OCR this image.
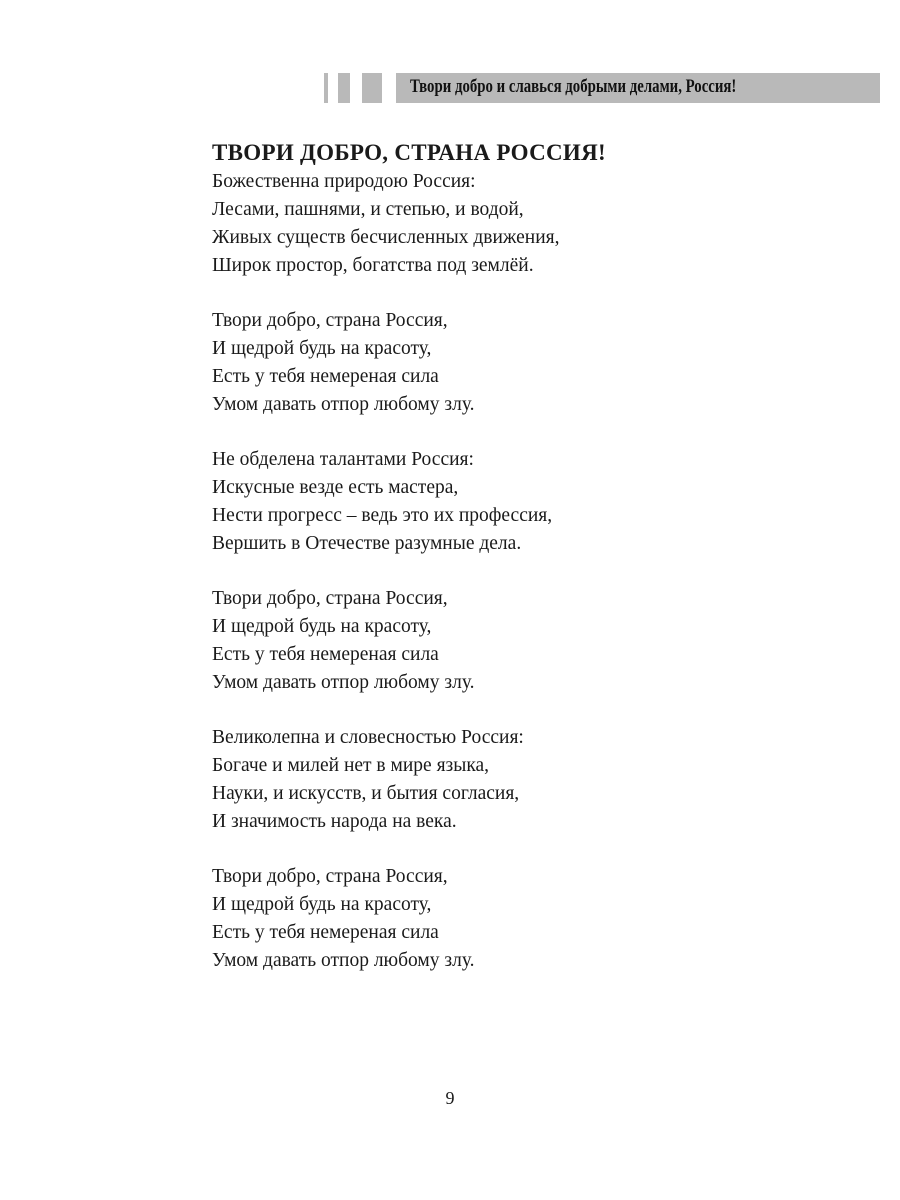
Твори добро и славься добрыми делами, Россия!
ТВОРИ ДОБРО, СТРАНА РОССИЯ!
Божественна природою Россия:
Лесами, пашнями, и степью, и водой,
Живых существ бесчисленных движения,
Широк простор, богатства под землёй.
Твори добро, страна Россия,
И щедрой будь на красоту,
Есть у тебя немереная сила
Умом давать отпор любому злу.
Не обделена талантами Россия:
Искусные везде есть мастера,
Нести прогресс – ведь это их профессия,
Вершить в Отечестве разумные дела.
Твори добро, страна Россия,
И щедрой будь на красоту,
Есть у тебя немереная сила
Умом давать отпор любому злу.
Великолепна и словесностью Россия:
Богаче и милей нет в мире языка,
Науки, и искусств, и бытия согласия,
И значимость народа на века.
Твори добро, страна Россия,
И щедрой будь на красоту,
Есть у тебя немереная сила
Умом давать отпор любому злу.
9
